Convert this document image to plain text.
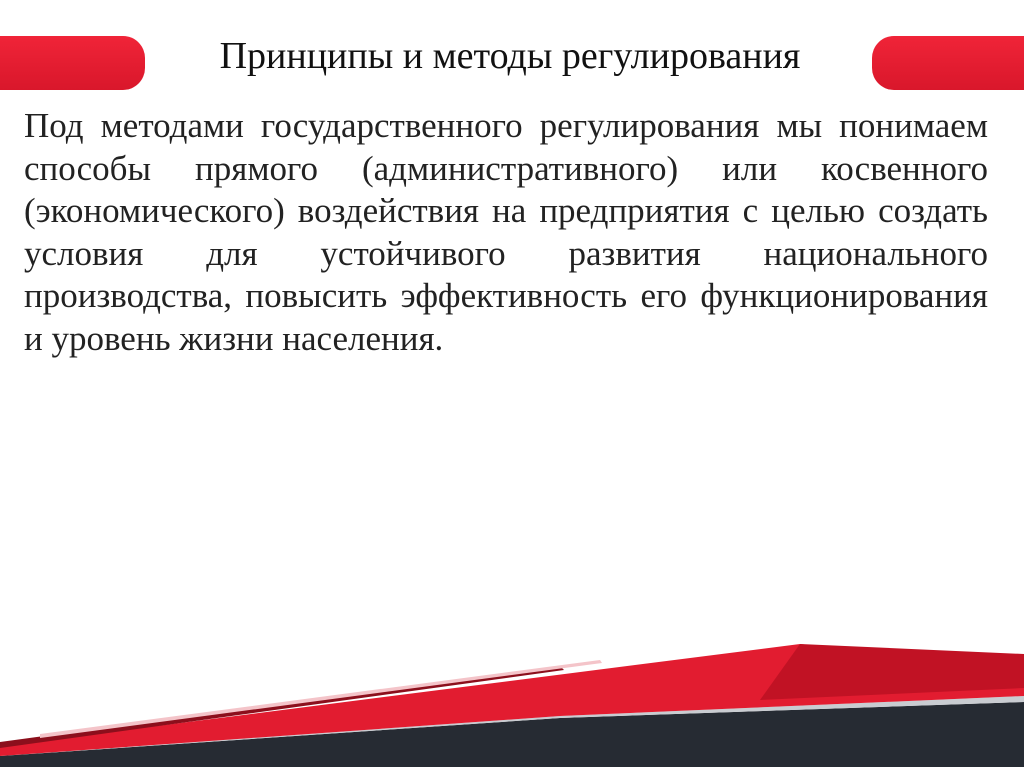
Принципы и методы регулирования

Под методами государственного регулирования мы понимаем способы прямого (административного) или косвенного (экономического) воздействия на предприятия с целью создать условия для устойчивого развития национального производства, повысить эффективность его функционирования и уровень жизни населения.
